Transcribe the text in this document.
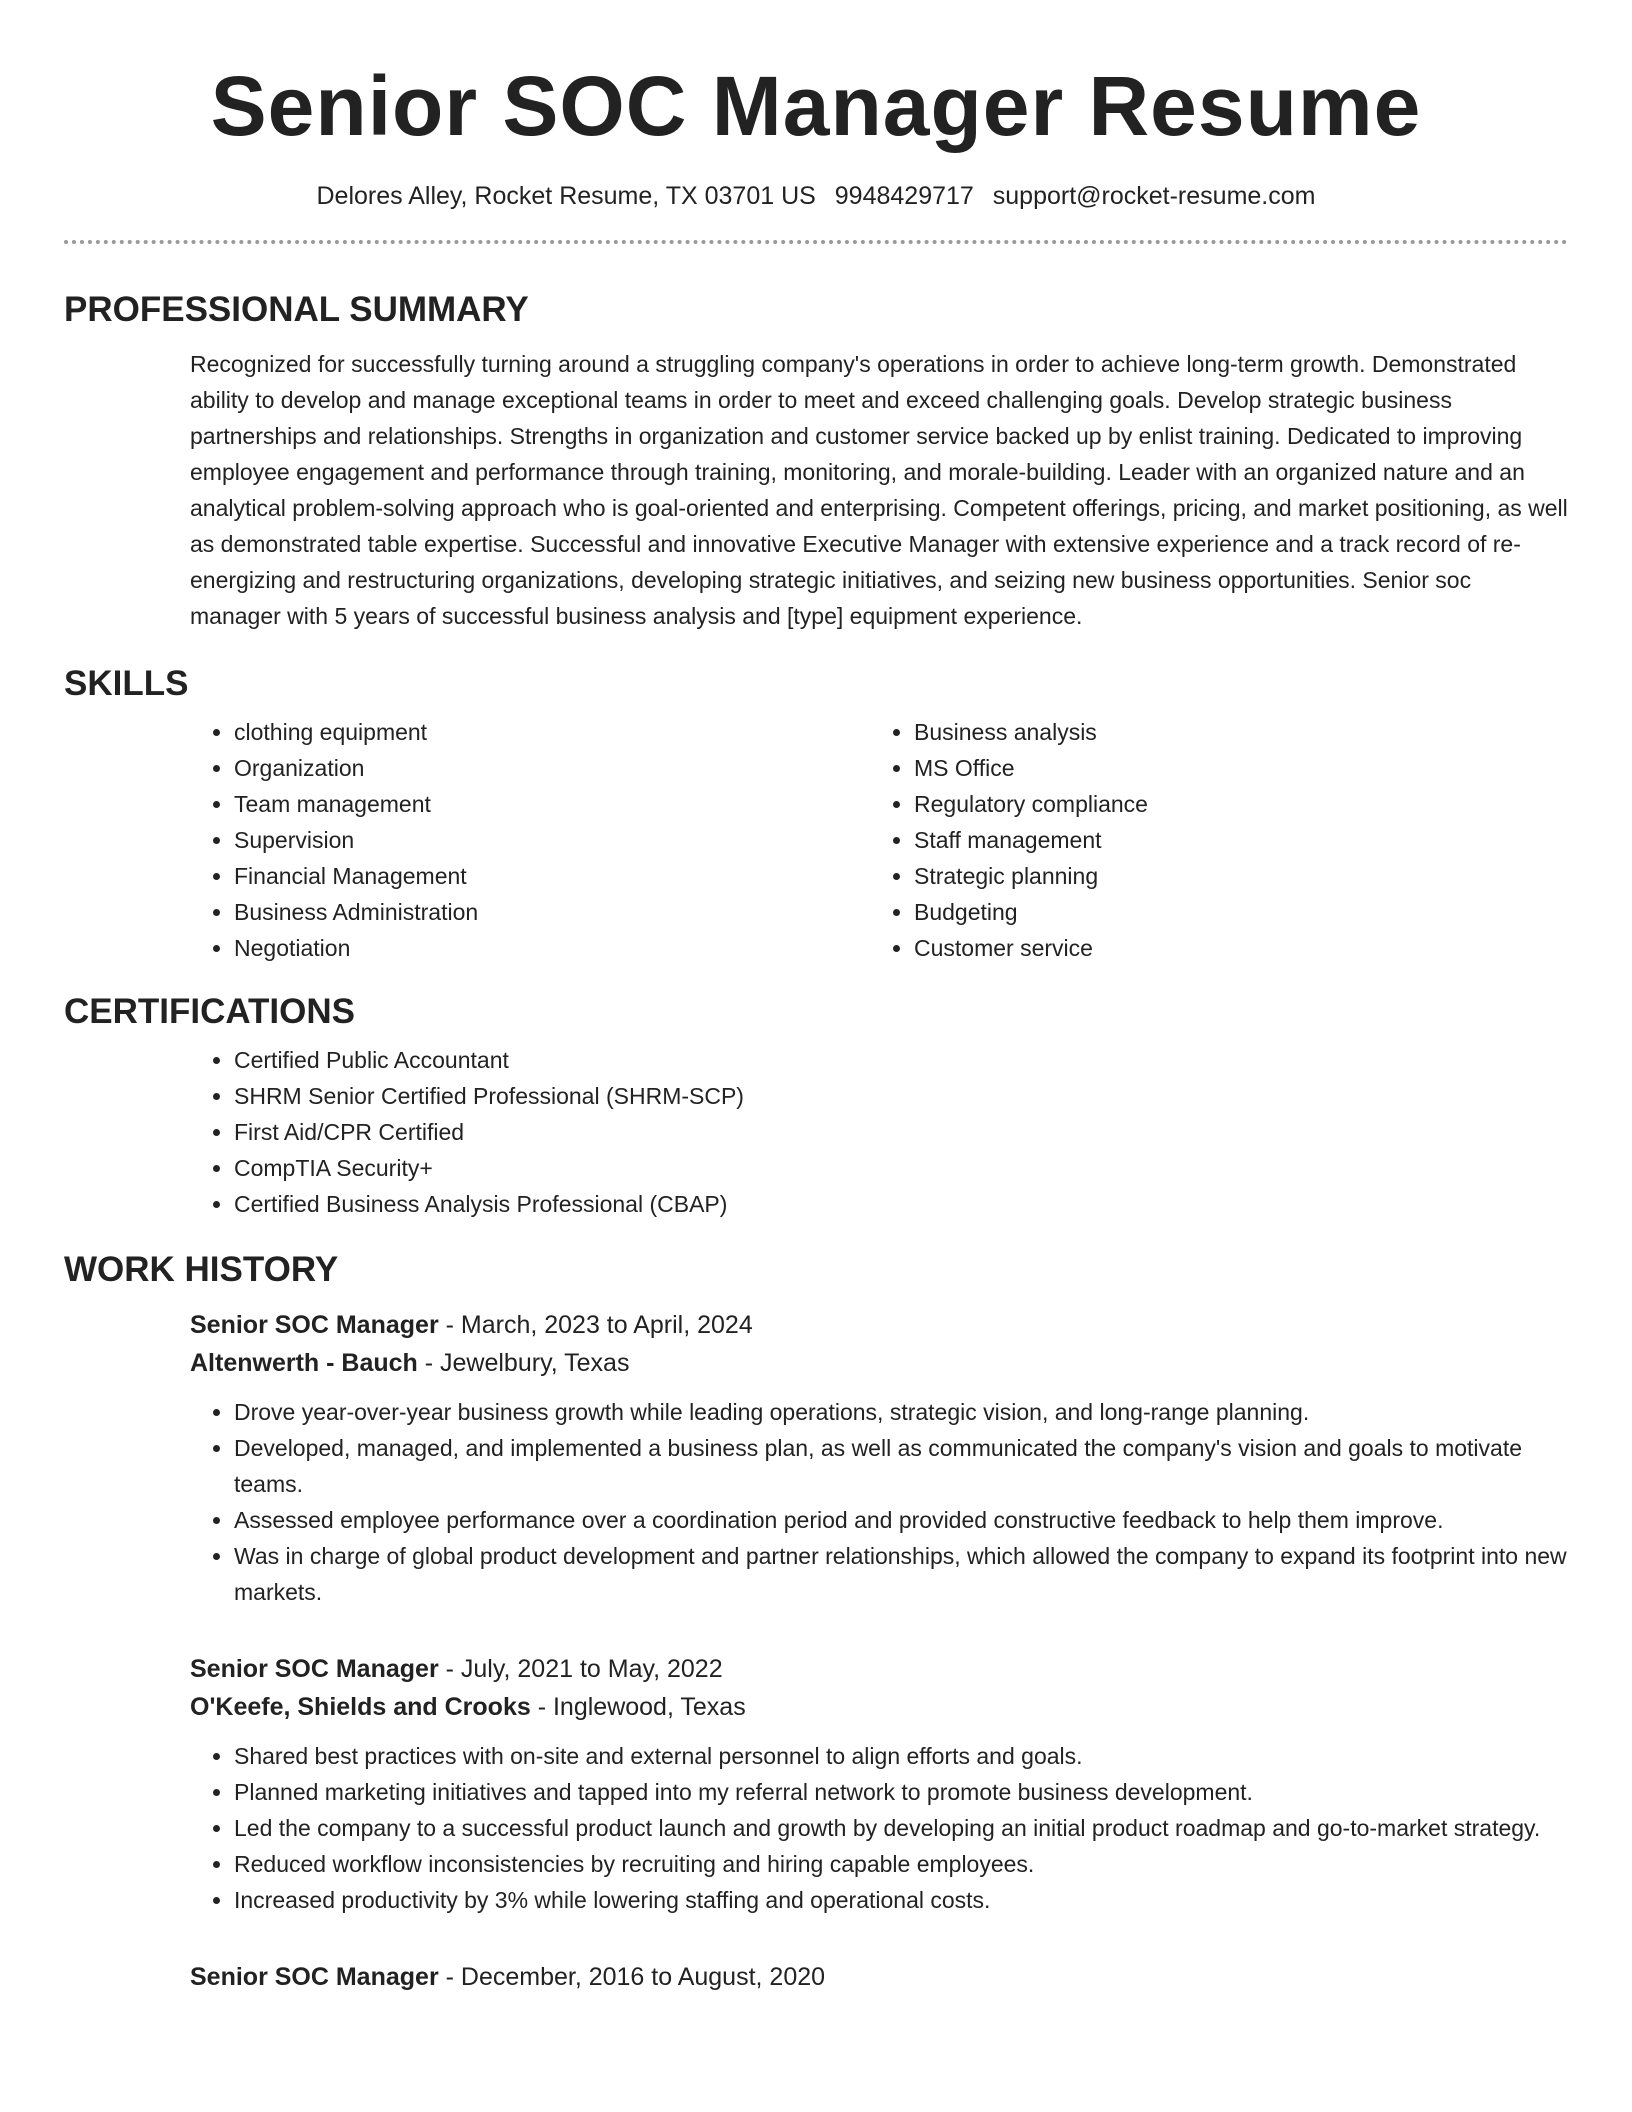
Senior SOC Manager Resume
Delores Alley, Rocket Resume, TX 03701 US 9948429717 support@rocket-resume.com
PROFESSIONAL SUMMARY

Recognized for successfully turning around a struggling company's operations in order to achieve long-term growth. Demonstrated ability to develop and manage exceptional teams in order to meet and exceed challenging goals. Develop strategic business partnerships and relationships. Strengths in organization and customer service backed up by enlist training. Dedicated to improving employee engagement and performance through training, monitoring, and morale-building. Leader with an organized nature and an analytical problem-solving approach who is goal-oriented and enterprising. Competent offerings, pricing, and market positioning, as well as demonstrated table expertise. Successful and innovative Executive Manager with extensive experience and a track record of re-energizing and restructuring organizations, developing strategic initiatives, and seizing new business opportunities. Senior soc manager with 5 years of successful business analysis and [type] equipment experience.

SKILLS
• clothing equipment
• Organization
• Team management
• Supervision
• Financial Management
• Business Administration
• Negotiation
• Business analysis
• MS Office
• Regulatory compliance
• Staff management
• Strategic planning
• Budgeting
• Customer service
CERTIFICATIONS
• Certified Public Accountant
• SHRM Senior Certified Professional (SHRM-SCP)
• First Aid/CPR Certified
• CompTIA Security+
• Certified Business Analysis Professional (CBAP)
WORK HISTORY
Senior SOC Manager - March, 2023 to April, 2024
Altenwerth - Bauch - Jewelbury, Texas
• Drove year-over-year business growth while leading operations, strategic vision, and long-range planning.
• Developed, managed, and implemented a business plan, as well as communicated the company's vision and goals to motivate teams.
• Assessed employee performance over a coordination period and provided constructive feedback to help them improve.
• Was in charge of global product development and partner relationships, which allowed the company to expand its footprint into new markets.
Senior SOC Manager - July, 2021 to May, 2022
O'Keefe, Shields and Crooks - Inglewood, Texas
• Shared best practices with on-site and external personnel to align efforts and goals.
• Planned marketing initiatives and tapped into my referral network to promote business development.
• Led the company to a successful product launch and growth by developing an initial product roadmap and go-to-market strategy.
• Reduced workflow inconsistencies by recruiting and hiring capable employees.
• Increased productivity by 3% while lowering staffing and operational costs.
Senior SOC Manager - December, 2016 to August, 2020
